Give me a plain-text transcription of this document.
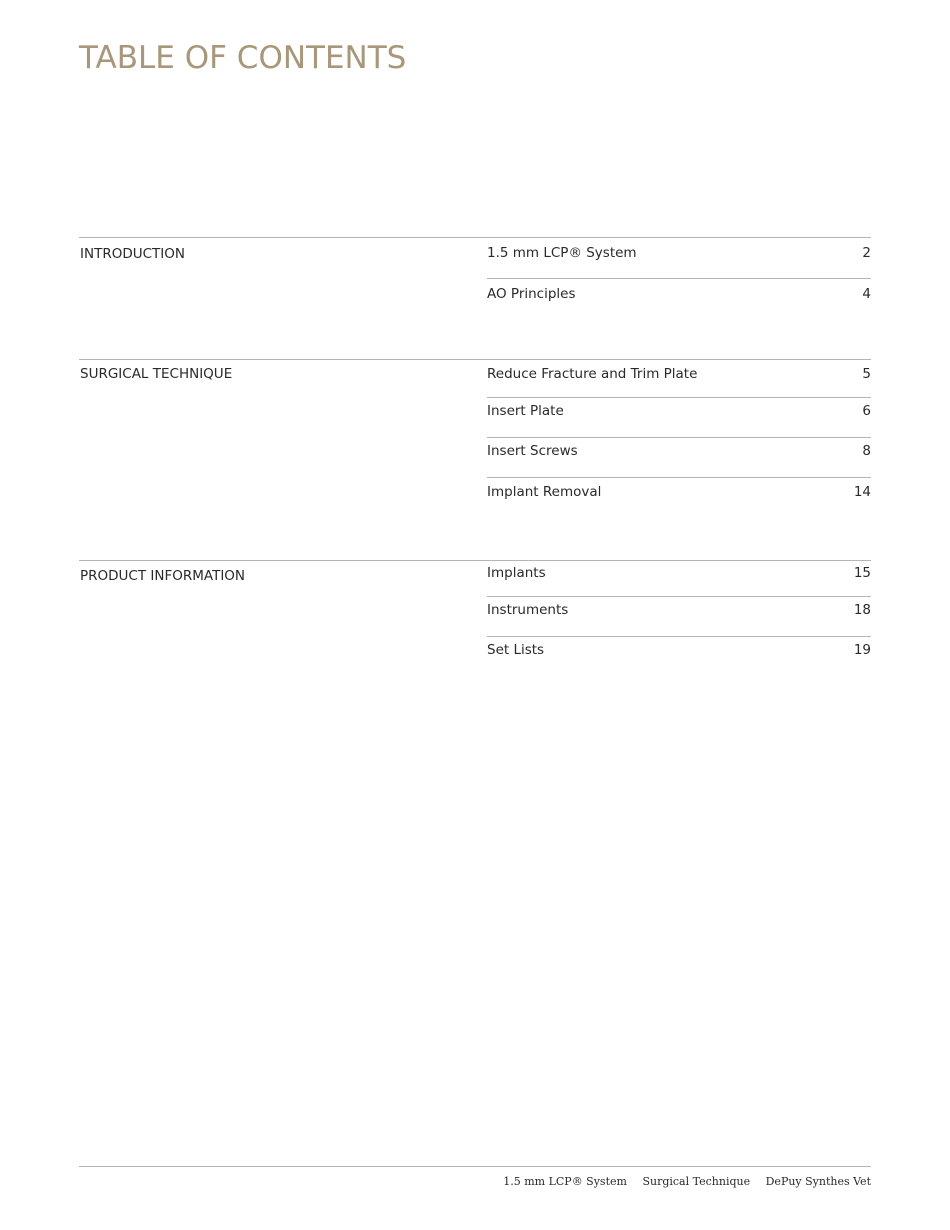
TABLE OF CONTENTS
INTRODUCTION	1.5 mm LCP® System	2
AO Principles	4
SURGICAL TECHNIQUE	Reduce Fracture and Trim Plate	5
Insert Plate	6
Insert Screws	8
Implant Removal	14
PRODUCT INFORMATION	Implants	15
Instruments	18
Set Lists	19
1.5 mm LCP® System Surgical Technique DePuy Synthes Vet
